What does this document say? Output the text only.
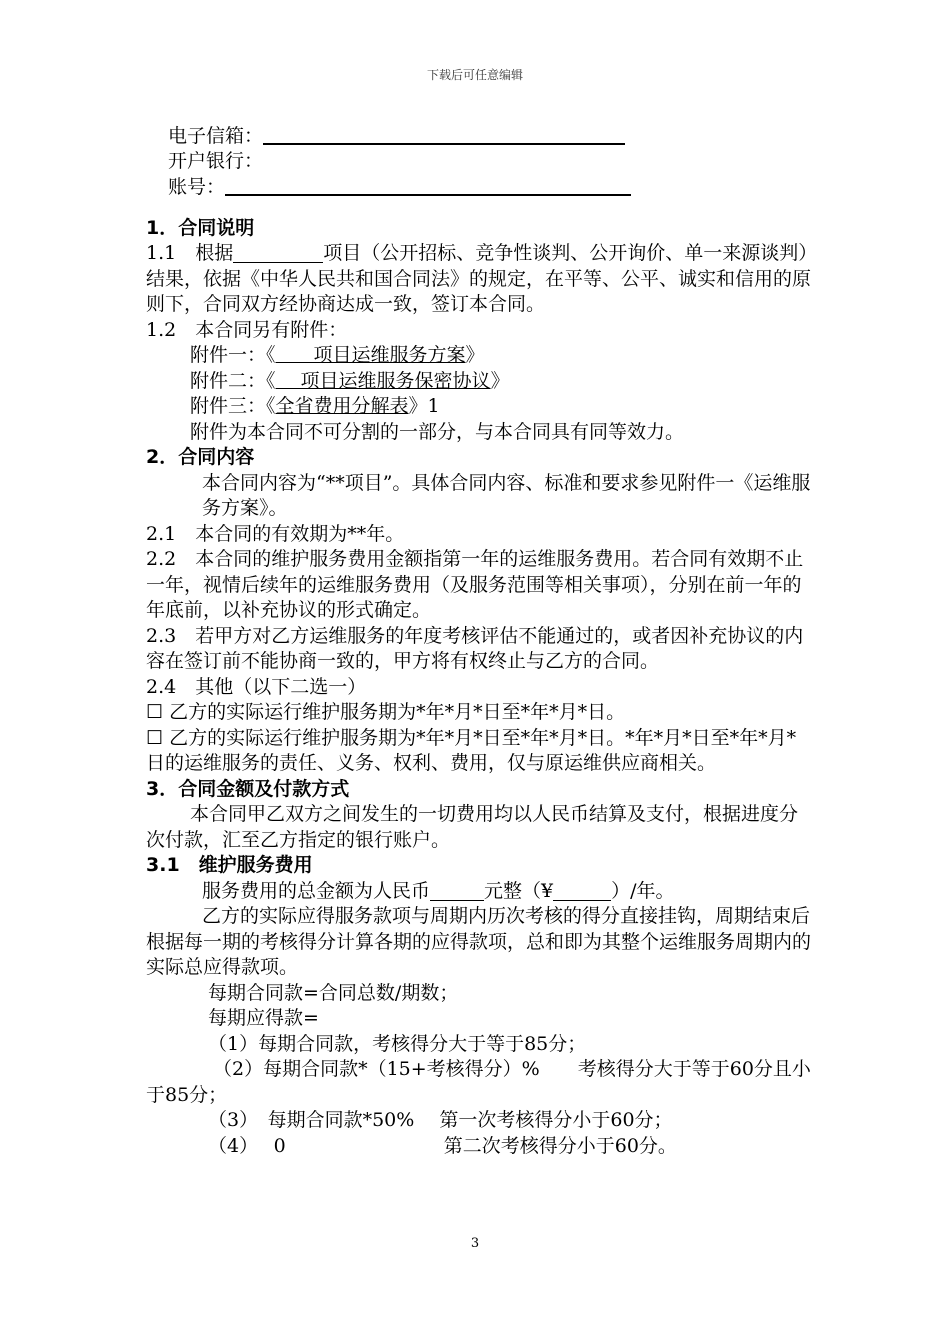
下载后可任意编辑
电子信箱：
开户银行：
账号：

1．合同说明

1.1　根据	项目（公开招标、竞争性谈判、公开询价、单一来源谈判）结果，依据《中华人民共和国合同法》的规定，在平等、公平、诚实和信用的原则下，合同双方经协商达成一致，签订本合同。

1.2　本合同另有附件：

附件一：《　　项目运维服务方案》

附件二：《　 项目运维服务保密协议》

附件三：《全省费用分解表》1

附件为本合同不可分割的一部分，与本合同具有同等效力。

2．合同内容

本合同内容为“**项目”。具体合同内容、标准和要求参见附件一《运维服务方案》。

2.1　本合同的有效期为**年。

2.2　本合同的维护服务费用金额指第一年的运维服务费用。若合同有效期不止一年，视情后续年的运维服务费用（及服务范围等相关事项），分别在前一年的年底前，以补充协议的形式确定。

2.3　若甲方对乙方运维服务的年度考核评估不能通过的，或者因补充协议的内容在签订前不能协商一致的，甲方将有权终止与乙方的合同。

2.4　其他（以下二选一）

☐ 乙方的实际运行维护服务期为*年*月*日至*年*月*日。

☐ 乙方的实际运行维护服务期为*年*月*日至*年*月*日。*年*月*日至*年*月*日的运维服务的责任、义务、权利、费用，仅与原运维供应商相关。

3．合同金额及付款方式

本合同甲乙双方之间发生的一切费用均以人民币结算及支付，根据进度分次付款，汇至乙方指定的银行账户。

3.1　维护服务费用

服务费用的总金额为人民币	元整（¥	）/年。

乙方的实际应得服务款项与周期内历次考核的得分直接挂钩，周期结束后根据每一期的考核得分计算各期的应得款项，总和即为其整个运维服务周期内的实际总应得款项。

每期合同款=合同总数/期数；

每期应得款=

（1）每期合同款，考核得分大于等于85分；

（2）每期合同款*（15+考核得分）%　　考核得分大于等于60分且小于85分；

（3）　每期合同款*50%　 第一次考核得分小于60分；

（4）　 0　　　　　　　　 第二次考核得分小于60分。

3
